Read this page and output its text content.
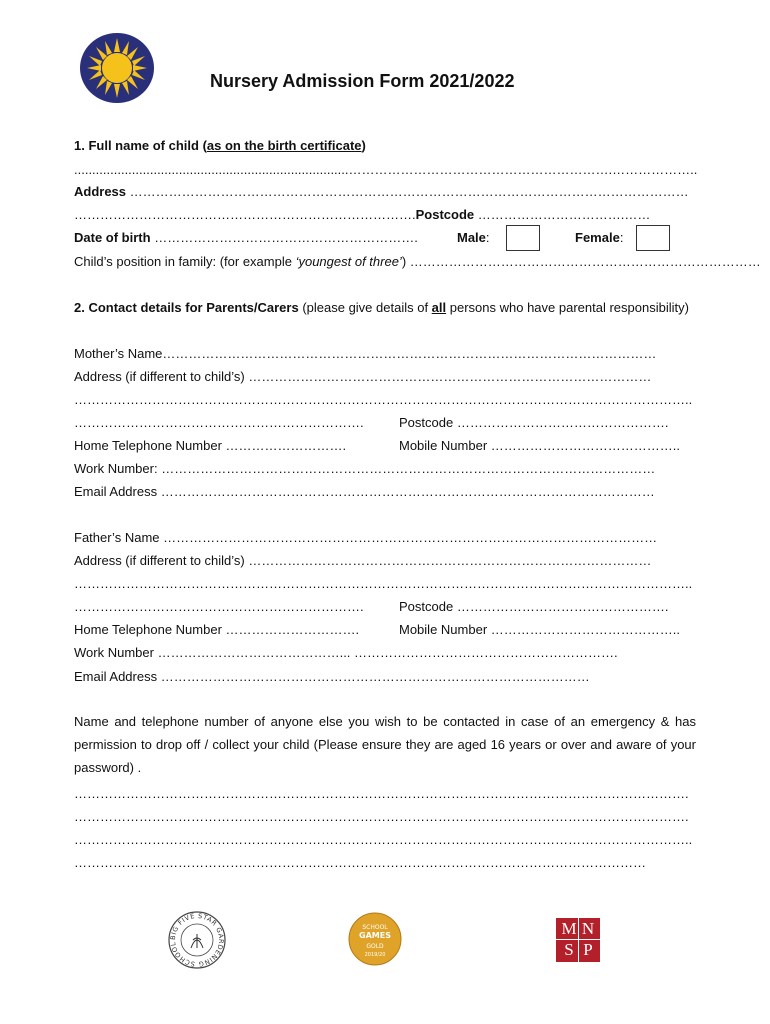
Nursery Admission Form 2021/2022
1. Full name of child (as on the birth certificate)
............................................................................…………………………………………………….………………..
Address …………………………………………………………………………………………………………………
…………………………………………………………………….Postcode …………………………….……
Date of birth …………………………………………………….	Male:	Female:
Child’s position in family: (for example ‘youngest of three’) ………………………………………………………………………
2. Contact details for Parents/Carers (please give details of all persons who have parental responsibility)
Mother’s Name……………………………………………………………………………………………………
Address (if different to child’s) …………………………………………………………………………………
……………………………………………………………………………………………………………………………..
………………………………………………………….	Postcode ………………………………………….
Home Telephone Number ……………………….	Mobile Number ……………………………………..
Work Number: ……………………………………………………………………………………………………
Email Address ……………………………………………………………………………………………………
Father’s Name ……………………………………………………………………………………………………
Address (if different to child’s) …………………………………………………………………………………
……………………………………………………………………………………………………………………………..
………………………………………………………….	Postcode ………………………………………….
Home Telephone Number ………………………….	Mobile Number ……………………………………..
Work Number ……………………………………... …………………………………………………….
Email Address ………………………………………………………………………………………
Name and telephone number of anyone else you wish to be contacted in case of an emergency & has permission to drop off / collect your child (Please ensure they are aged 16 years or over and aware of your password) .
…………………………………………………………………………………………………………………………….
…………………………………………………………………………………………………………………………….
……………………………………………………………………………………………………………………………..
……………………………………………………………………………………………………………………
BIG FIVE STAR GARDENING SCHOOL
SCHOOL
GAMES
GOLD
2019/20
M N
S P
